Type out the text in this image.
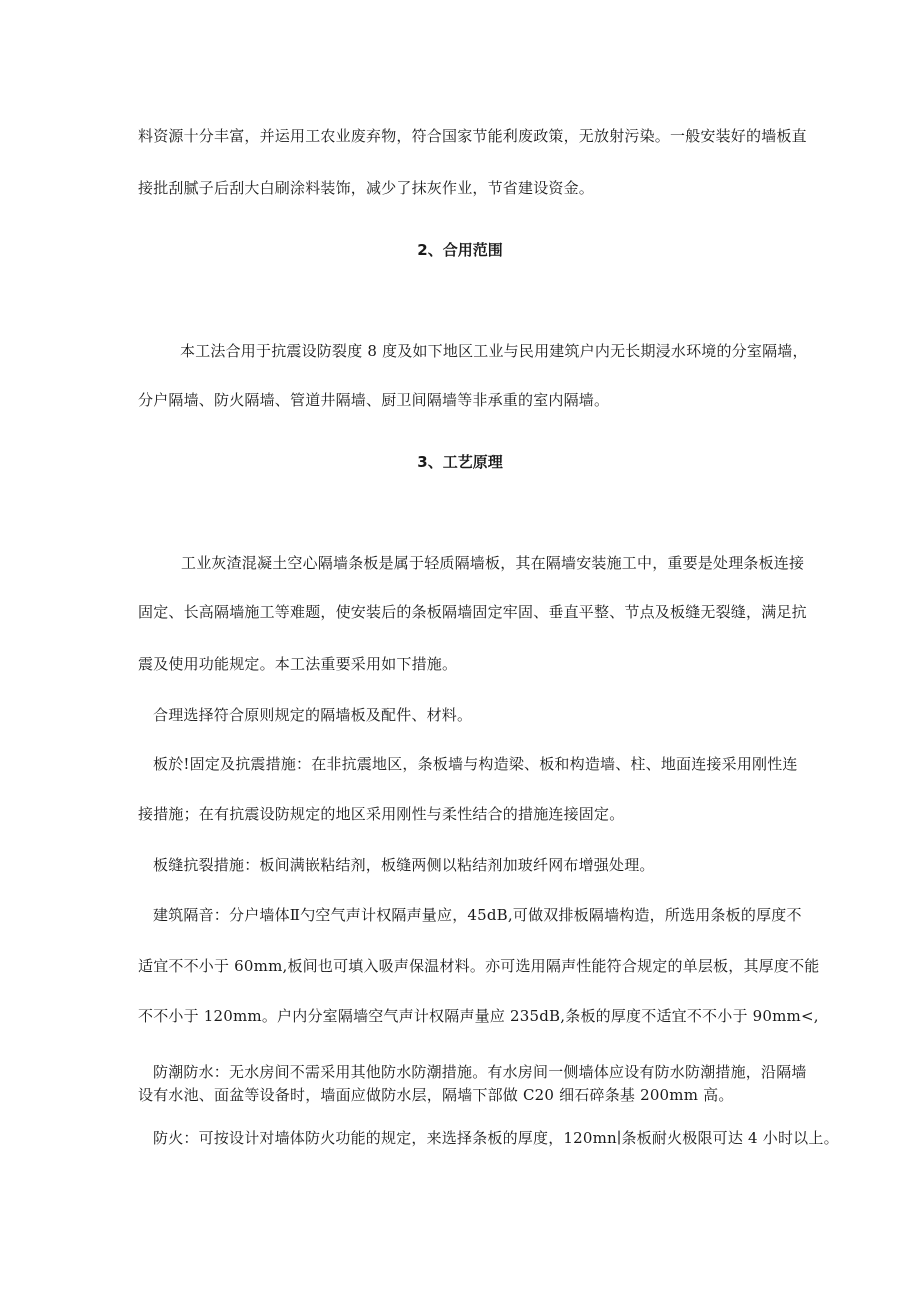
料资源十分丰富，并运用工农业废弃物，符合国家节能利废政策，无放射污染。一般安装好的墙板直
接批刮腻子后刮大白刷涂料装饰，减少了抹灰作业，节省建设资金。
2、合用范围
本工法合用于抗震设防裂度 8 度及如下地区工业与民用建筑户内无长期浸水环境的分室隔墙，
分户隔墙、防火隔墙、管道井隔墙、厨卫间隔墙等非承重的室内隔墙。
3、工艺原理
工业灰渣混凝土空心隔墙条板是属于轻质隔墙板，其在隔墙安装施工中，重要是处理条板连接
固定、长高隔墙施工等难题，使安装后的条板隔墙固定牢固、垂直平整、节点及板缝无裂缝，满足抗
震及使用功能规定。本工法重要采用如下措施。
合理选择符合原则规定的隔墙板及配件、材料。
板於!固定及抗震措施：在非抗震地区，条板墙与构造梁、板和构造墙、柱、地面连接采用刚性连
接措施；在有抗震设防规定的地区采用刚性与柔性结合的措施连接固定。
板缝抗裂措施：板间满嵌粘结剂，板缝两侧以粘结剂加玻纤网布增强处理。
建筑隔音：分户墙体Ⅱ勺空气声计权隔声量应，45dB,可做双排板隔墙构造，所选用条板的厚度不
适宜不不小于 60mm,板间也可填入吸声保温材料。亦可选用隔声性能符合规定的单层板，其厚度不能
不不小于 120mm。户内分室隔墙空气声计权隔声量应 235dB,条板的厚度不适宜不不小于 90mm<,
防潮防水：无水房间不需采用其他防水防潮措施。有水房间一侧墙体应设有防水防潮措施，沿隔墙
设有水池、面盆等设备时，墙面应做防水层，隔墙下部做 C20 细石碎条基 200mm 高。
防火：可按设计对墙体防火功能的规定，来选择条板的厚度，120mn∣条板耐火极限可达 4 小时以上。
